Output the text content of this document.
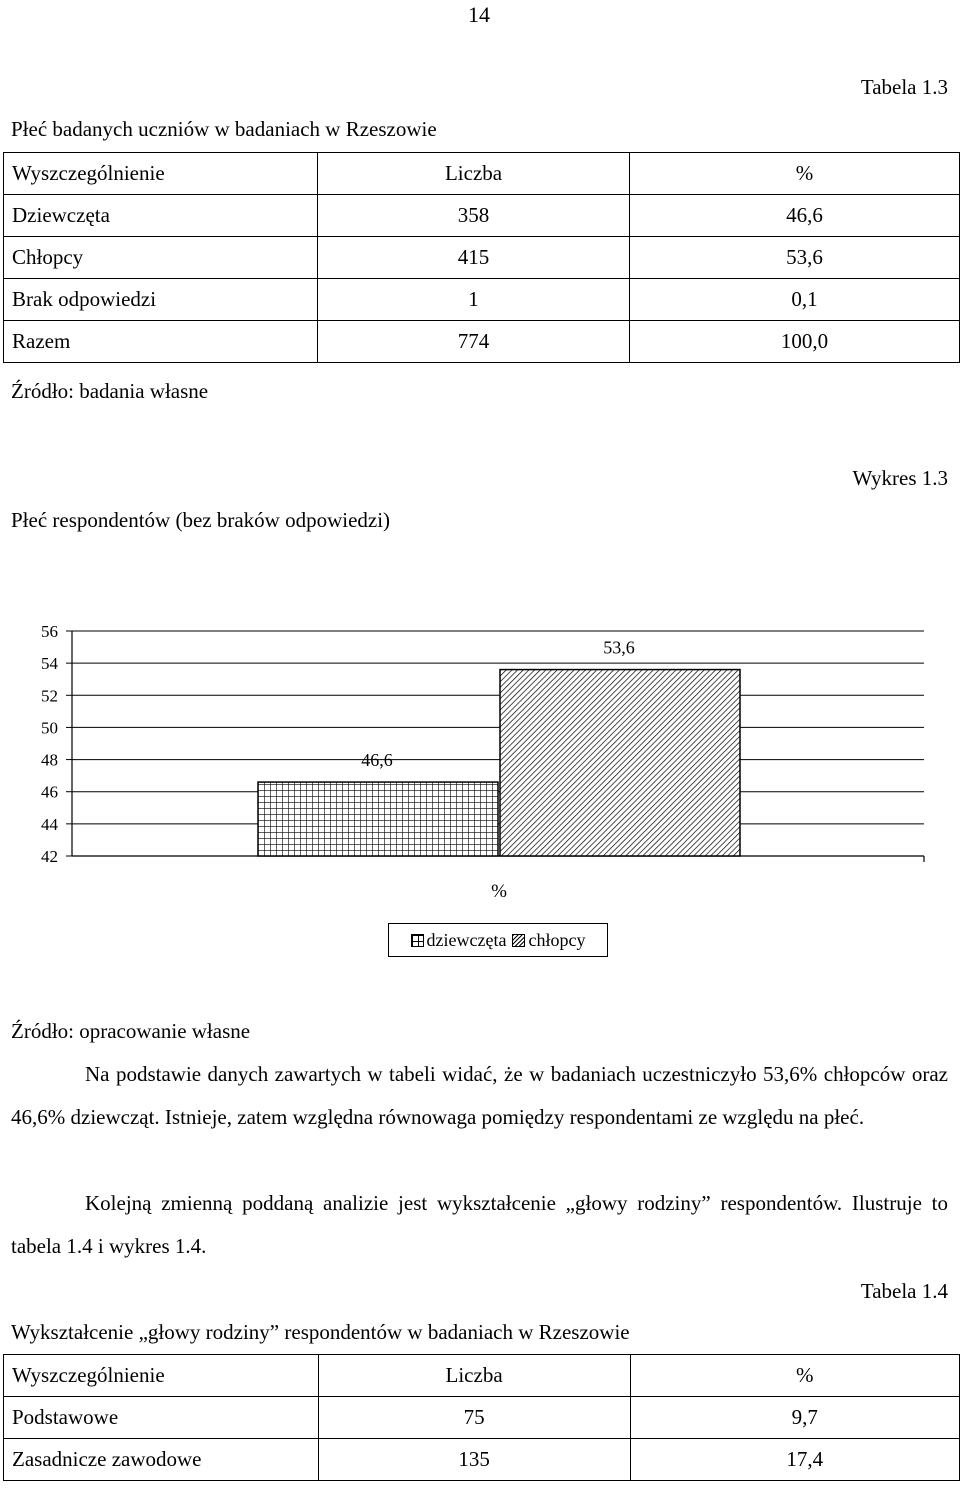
14
Tabela 1.3
Płeć badanych uczniów w badaniach w Rzeszowie
Wyszczególnienie	Liczba	%
Dziewczęta	358	46,6
Chłopcy	415	53,6
Brak odpowiedzi	1	0,1
Razem	774	100,0
Źródło: badania własne
Wykres 1.3
Płeć respondentów (bez braków odpowiedzi)
42
44
46
48
50
52
54
56
46,6
53,6
%
dziewczęta chłopcy
Źródło: opracowanie własne
Na podstawie danych zawartych w tabeli widać, że w badaniach uczestniczyło 53,6% chłopców oraz 46,6% dziewcząt. Istnieje, zatem względna równowaga pomiędzy respondentami ze względu na płeć.
Kolejną zmienną poddaną analizie jest wykształcenie „głowy rodziny” respondentów. Ilustruje to tabela 1.4 i wykres 1.4.
Tabela 1.4
Wykształcenie „głowy rodziny” respondentów w badaniach w Rzeszowie
Wyszczególnienie	Liczba	%
Podstawowe	75	9,7
Zasadnicze zawodowe	135	17,4
